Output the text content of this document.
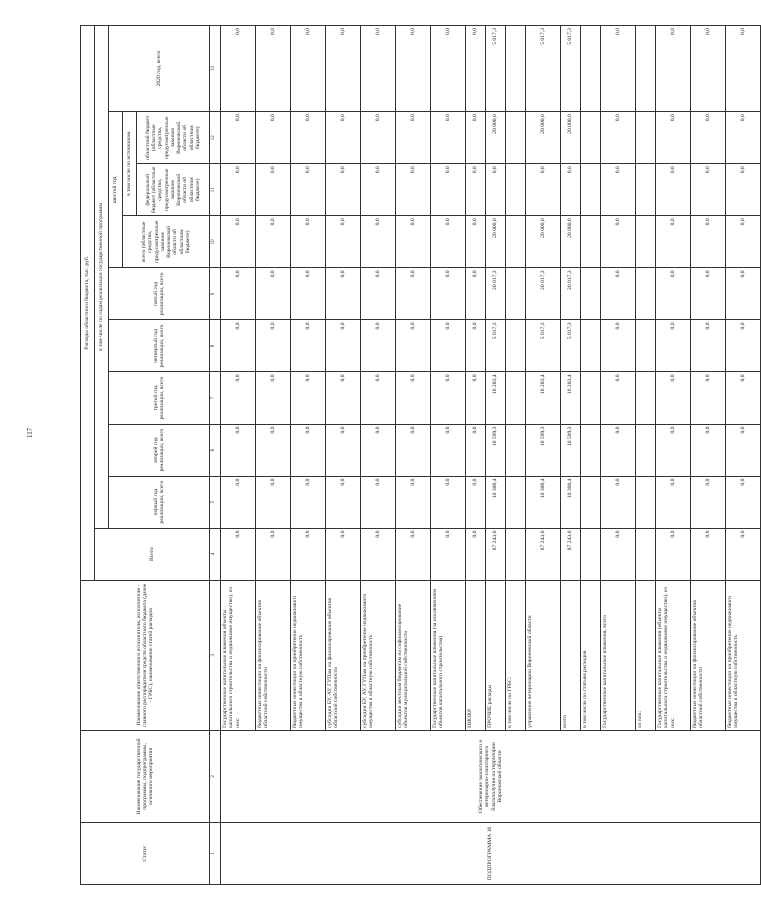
117
Статус	Наименование государственной программы, подпрограммы, основного мероприятия	Наименование ответственного исполнителя, исполнителя - главного распорядителя средств областного бюджета (далее - ГРБС), наименование статей расходов	Расходы областного бюджета, тыс. руб.									
			Всего	в том числе по годам реализации государственной программы								
				первый год реализации, всего	второй год реализации, всего	третий год реализации, всего	четвертый год реализации, всего	пятый год реализации, всего	шестой год			2020 год, всего
									всего (областные средства, предусмотренные законом Воронежской области об областном бюджете)	в том числе по источникам		
										федеральный бюджет (областные средства, предусмотренные законом Воронежской области об областном бюджете)	областной бюджет (областные средства, предусмотренные законом Воронежской области об областном бюджете)	
1	2	3	4	5	6	7	8	9	10	11	12	13
ПОДПРОГРАММА 16	Обеспечение экологического и ветеринарно-санитарного благополучия на территории Воронежской области	Государственные капитальные вложения объекты капитального строительства и недвижимое имущество), из них:	0,0	0,0	0,0	0,0	0,0	0,0	0,0	0,0	0,0	0,0
		бюджетные инвестиции на финансирование объектов областной собственности	0,0	0,0	0,0	0,0	0,0	0,0	0,0	0,0	0,0	0,0
		бюджетные инвестиции на приобретение недвижимого имущества в областную собственность	0,0	0,0	0,0	0,0	0,0	0,0	0,0	0,0	0,0	0,0
		субсидии БУ, АУ, ГУПам на финансирование объектов областной собственности	0,0	0,0	0,0	0,0	0,0	0,0	0,0	0,0	0,0	0,0
		субсидии БУ, АУ, ГУПам на приобретение недвижимого имущества в областную собственность	0,0	0,0	0,0	0,0	0,0	0,0	0,0	0,0	0,0	0,0
		субсидии местным бюджетам на софинансирование объектов муниципальной собственности	0,0	0,0	0,0	0,0	0,0	0,0	0,0	0,0	0,0	0,0
		Государственные капитальные вложения (за исключением объектов капитального строительства)	0,0	0,0	0,0	0,0	0,0	0,0	0,0	0,0	0,0	0,0
		НИОКР	0,0	0,0	0,0	0,0	0,0	0,0	0,0	0,0	0,0	0,0
		ПРОЧИЕ расходы	87 243,0	10 308,4	10 599,3	16 283,4	5 017,3	20 017,3	20 000,0	0,0	20 000,0	5 017,3
		в том числе по ГРБС:										
		управление ветеринарии Воронежской области	87 243,0	10 308,4	10 599,3	16 283,4	5 017,3	20 017,3	20 000,0	0,0	20 000,0	5 017,3
		всего	87 243,0	10 308,4	10 599,3	16 283,4	5 017,3	20 017,3	20 000,0	0,0	20 000,0	5 017,3
		в том числе по статьям расходов										
		Государственные капитальные вложения, всего	0,0	0,0	0,0	0,0	0,0	0,0	0,0	0,0	0,0	0,0
		из них:										
		Государственные капитальные вложения (объекты капитального строительства и недвижимое имущество), из них:	0,0	0,0	0,0	0,0	0,0	0,0	0,0	0,0	0,0	0,0
		бюджетные инвестиции на финансирование объектов областной собственности	0,0	0,0	0,0	0,0	0,0	0,0	0,0	0,0	0,0	0,0
		бюджетные инвестиции на приобретение недвижимого имущества в областную собственность	0,0	0,0	0,0	0,0	0,0	0,0	0,0	0,0	0,0	0,0
